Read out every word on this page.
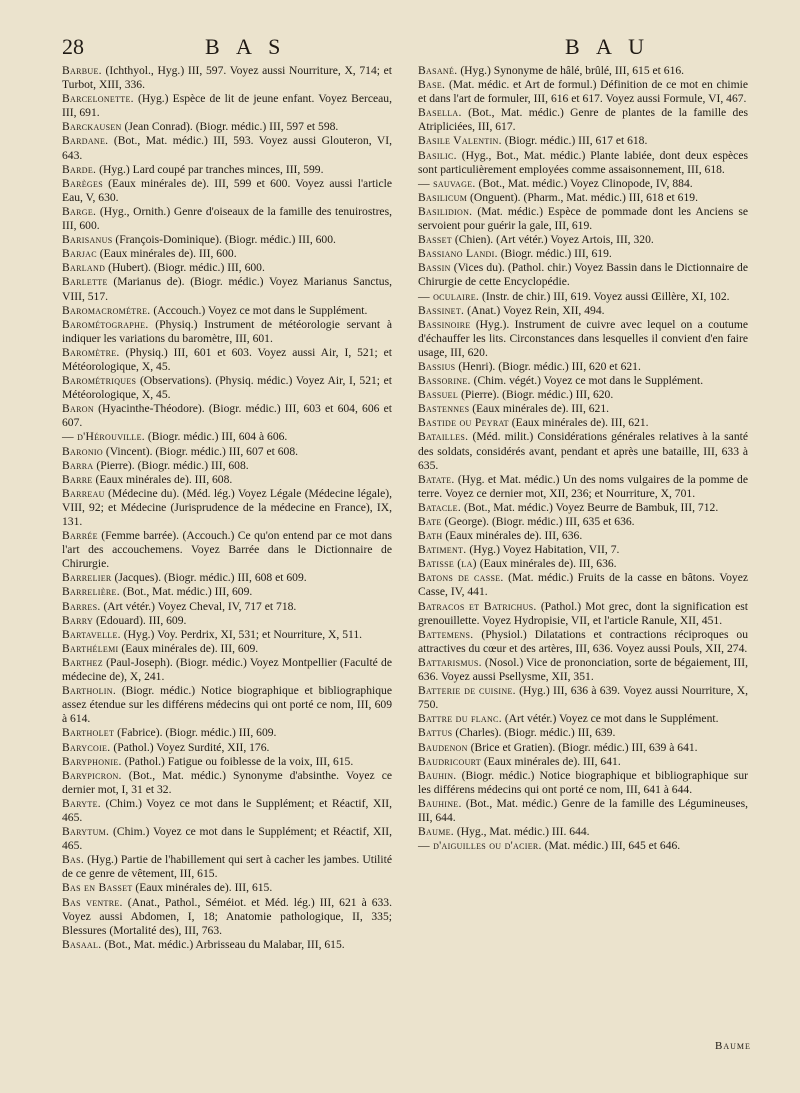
28	B A S	B A U

Barbue. (Ichthyol., Hyg.) III, 597. Voyez aussi Nourriture, X, 714; et Turbot, XIII, 336.

Barcelonette. (Hyg.) Espèce de lit de jeune enfant. Voyez Berceau, III, 691.

Barckausen (Jean Conrad). (Biogr. médic.) III, 597 et 598.

Bardane. (Bot., Mat. médic.) III, 593. Voyez aussi Glouteron, VI, 643.

Barde. (Hyg.) Lard coupé par tranches minces, III, 599.

Barèges (Eaux minérales de). III, 599 et 600. Voyez aussi l'article Eau, V, 630.

Barge. (Hyg., Ornith.) Genre d'oiseaux de la famille des tenuirostres, III, 600.

Barisanus (François-Dominique). (Biogr. médic.) III, 600.

Barjac (Eaux minérales de). III, 600.

Barland (Hubert). (Biogr. médic.) III, 600.

Barlette (Marianus de). (Biogr. médic.) Voyez Marianus Sanctus, VIII, 517.

Baromacrométre. (Accouch.) Voyez ce mot dans le Supplément.

Barométographe. (Physiq.) Instrument de météorologie servant à indiquer les variations du baromètre, III, 601.

Baromètre. (Physiq.) III, 601 et 603. Voyez aussi Air, I, 521; et Météorologique, X, 45.

Barométriques (Observations). (Physiq. médic.) Voyez Air, I, 521; et Météorologique, X, 45.

Baron (Hyacinthe-Théodore). (Biogr. médic.) III, 603 et 604, 606 et 607.

— d'Hérouville. (Biogr. médic.) III, 604 à 606.

Baronio (Vincent). (Biogr. médic.) III, 607 et 608.

Barra (Pierre). (Biogr. médic.) III, 608.

Barre (Eaux minérales de). III, 608.

Barreau (Médecine du). (Méd. lég.) Voyez Légale (Médecine légale), VIII, 92; et Médecine (Jurisprudence de la médecine en France), IX, 131.

Barrée (Femme barrée). (Accouch.) Ce qu'on entend par ce mot dans l'art des accouchemens. Voyez Barrée dans le Dictionnaire de Chirurgie.

Barrelier (Jacques). (Biogr. médic.) III, 608 et 609.

Barrelière. (Bot., Mat. médic.) III, 609.

Barres. (Art vétér.) Voyez Cheval, IV, 717 et 718.

Barry (Edouard). III, 609.

Bartavelle. (Hyg.) Voy. Perdrix, XI, 531; et Nourriture, X, 511.

Barthélemi (Eaux minérales de). III, 609.

Barthez (Paul-Joseph). (Biogr. médic.) Voyez Montpellier (Faculté de médecine de), X, 241.

Bartholin. (Biogr. médic.) Notice biographique et bibliographique assez étendue sur les différens médecins qui ont porté ce nom, III, 609 à 614.

Bartholet (Fabrice). (Biogr. médic.) III, 609.

Barycoie. (Pathol.) Voyez Surdité, XII, 176.

Baryphonie. (Pathol.) Fatigue ou foiblesse de la voix, III, 615.

Barypicron. (Bot., Mat. médic.) Synonyme d'absinthe. Voyez ce dernier mot, I, 31 et 32.

Baryte. (Chim.) Voyez ce mot dans le Supplément; et Réactif, XII, 465.

Barytum. (Chim.) Voyez ce mot dans le Supplément; et Réactif, XII, 465.

Bas. (Hyg.) Partie de l'habillement qui sert à cacher les jambes. Utilité de ce genre de vêtement, III, 615.

Bas en Basset (Eaux minérales de). III, 615.

Bas ventre. (Anat., Pathol., Séméiot. et Méd. lég.) III, 621 à 633. Voyez aussi Abdomen, I, 18; Anatomie pathologique, II, 335; Blessures (Mortalité des), III, 763.

Basaal. (Bot., Mat. médic.) Arbrisseau du Malabar, III, 615.

Basané. (Hyg.) Synonyme de hâlé, brûlé, III, 615 et 616.

Base. (Mat. médic. et Art de formul.) Définition de ce mot en chimie et dans l'art de formuler, III, 616 et 617. Voyez aussi Formule, VI, 467.

Basella. (Bot., Mat. médic.) Genre de plantes de la famille des Atripliciées, III, 617.

Basile Valentin. (Biogr. médic.) III, 617 et 618.

Basilic. (Hyg., Bot., Mat. médic.) Plante labiée, dont deux espèces sont particulièrement employées comme assaisonnement, III, 618.

— sauvage. (Bot., Mat. médic.) Voyez Clinopode, IV, 884.

Basilicum (Onguent). (Pharm., Mat. médic.) III, 618 et 619.

Basilidion. (Mat. médic.) Espèce de pommade dont les Anciens se servoient pour guérir la gale, III, 619.

Basset (Chien). (Art vétér.) Voyez Artois, III, 320.

Bassiano Landi. (Biogr. médic.) III, 619.

Bassin (Vices du). (Pathol. chir.) Voyez Bassin dans le Dictionnaire de Chirurgie de cette Encyclopédie.

— oculaire. (Instr. de chir.) III, 619. Voyez aussi Œillère, XI, 102.

Bassinet. (Anat.) Voyez Rein, XII, 494.

Bassinoire (Hyg.). Instrument de cuivre avec lequel on a coutume d'échauffer les lits. Circonstances dans lesquelles il convient d'en faire usage, III, 620.

Bassius (Henri). (Biogr. médic.) III, 620 et 621.

Bassorine. (Chim. végét.) Voyez ce mot dans le Supplément.

Bassuel (Pierre). (Biogr. médic.) III, 620.

Bastennes (Eaux minérales de). III, 621.

Bastide ou Peyrat (Eaux minérales de). III, 621.

Batailles. (Méd. milit.) Considérations générales relatives à la santé des soldats, considérés avant, pendant et après une bataille, III, 633 à 635.

Batate. (Hyg. et Mat. médic.) Un des noms vulgaires de la pomme de terre. Voyez ce dernier mot, XII, 236; et Nourriture, X, 701.

Batacle. (Bot., Mat. médic.) Voyez Beurre de Bambuk, III, 712.

Bate (George). (Biogr. médic.) III, 635 et 636.

Bath (Eaux minérales de). III, 636.

Batiment. (Hyg.) Voyez Habitation, VII, 7.

Batisse (la) (Eaux minérales de). III, 636.

Batons de casse. (Mat. médic.) Fruits de la casse en bâtons. Voyez Casse, IV, 441.

Batracos et Batrichus. (Pathol.) Mot grec, dont la signification est grenouillette. Voyez Hydropisie, VII, et l'article Ranule, XII, 451.

Battemens. (Physiol.) Dilatations et contractions réciproques ou attractives du cœur et des artères, III, 636. Voyez aussi Pouls, XII, 274.

Battarismus. (Nosol.) Vice de prononciation, sorte de bégaiement, III, 636. Voyez aussi Psellysme, XII, 351.

Batterie de cuisine. (Hyg.) III, 636 à 639. Voyez aussi Nourriture, X, 750.

Battre du flanc. (Art vétér.) Voyez ce mot dans le Supplément.

Battus (Charles). (Biogr. médic.) III, 639.

Baudenon (Brice et Gratien). (Biogr. médic.) III, 639 à 641.

Baudricourt (Eaux minérales de). III, 641.

Bauhin. (Biogr. médic.) Notice biographique et bibliographique sur les différens médecins qui ont porté ce nom, III, 641 à 644.

Bauhine. (Bot., Mat. médic.) Genre de la famille des Légumineuses, III, 644.

Baume. (Hyg., Mat. médic.) III. 644.

— d'aiguilles ou d'acier. (Mat. médic.) III, 645 et 646.

Baume
